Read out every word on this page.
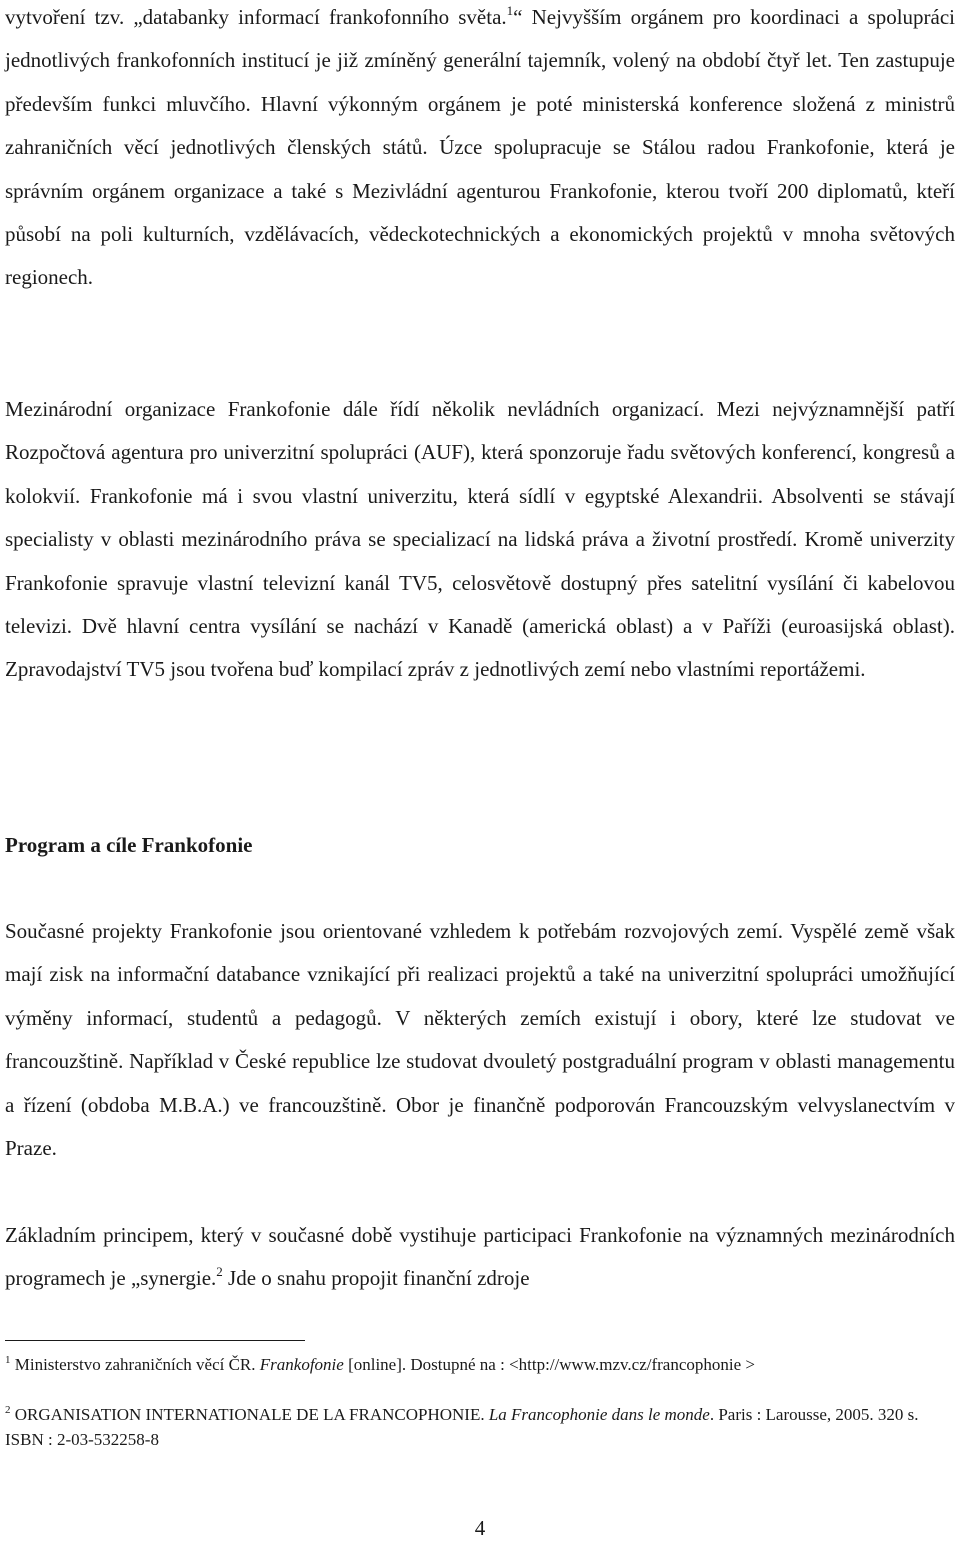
vytvoření tzv. „databanky informací frankofonního světa.$^1$“ Nejvyšším orgánem pro koordinaci a spolupráci jednotlivých frankofonních institucí je již zmíněný generální tajemník, volený na období čtyř let. Ten zastupuje především funkci mluvčího. Hlavní výkonným orgánem je poté ministerská konference složená z ministrů zahraničních věcí jednotlivých členských států. Úzce spolupracuje se Stálou radou Frankofonie, která je správním orgánem organizace a také s Mezivládní agenturou Frankofonie, kterou tvoří 200 diplomatů, kteří působí na poli kulturních, vzdělávacích, vědeckotechnických a ekonomických projektů v mnoha světových regionech.

Mezinárodní organizace Frankofonie dále řídí několik nevládních organizací. Mezi nejvýznamnější patří Rozpočtová agentura pro univerzitní spolupráci (AUF), která sponzoruje řadu světových konferencí, kongresů a kolokvií. Frankofonie má i svou vlastní univerzitu, která sídlí v egyptské Alexandrii. Absolventi se stávají specialisty v oblasti mezinárodního práva se specializací na lidská práva a životní prostředí. Kromě univerzity Frankofonie spravuje vlastní televizní kanál TV5, celosvětově dostupný přes satelitní vysílání či kabelovou televizi. Dvě hlavní centra vysílání se nachází v Kanadě (americká oblast) a v Paříži (euroasijská oblast). Zpravodajství TV5 jsou tvořena buď kompilací zpráv z jednotlivých zemí nebo vlastními reportážemi.

Program a cíle Frankofonie

Současné projekty Frankofonie jsou orientované vzhledem k potřebám rozvojových zemí. Vyspělé země však mají zisk na informační databance vznikající při realizaci projektů a také na univerzitní spolupráci umožňující výměny informací, studentů a pedagogů. V některých zemích existují i obory, které lze studovat ve francouzštině. Například v České republice lze studovat dvouletý postgraduální program v oblasti managementu a řízení (obdoba M.B.A.) ve francouzštině. Obor je finančně podporován Francouzským velvyslanectvím v Praze.

Základním principem, který v současné době vystihuje participaci Frankofonie na významných mezinárodních programech je „synergie.$^2$ Jde o snahu propojit finanční zdroje

$^1$ Ministerstvo zahraničních věcí ČR. Frankofonie [online]. Dostupné na : <http://www.mzv.cz/francophonie >

$^2$ ORGANISATION INTERNATIONALE DE LA FRANCOPHONIE. La Francophonie dans le monde. Paris : Larousse, 2005. 320 s. ISBN : 2-03-532258-8

4
